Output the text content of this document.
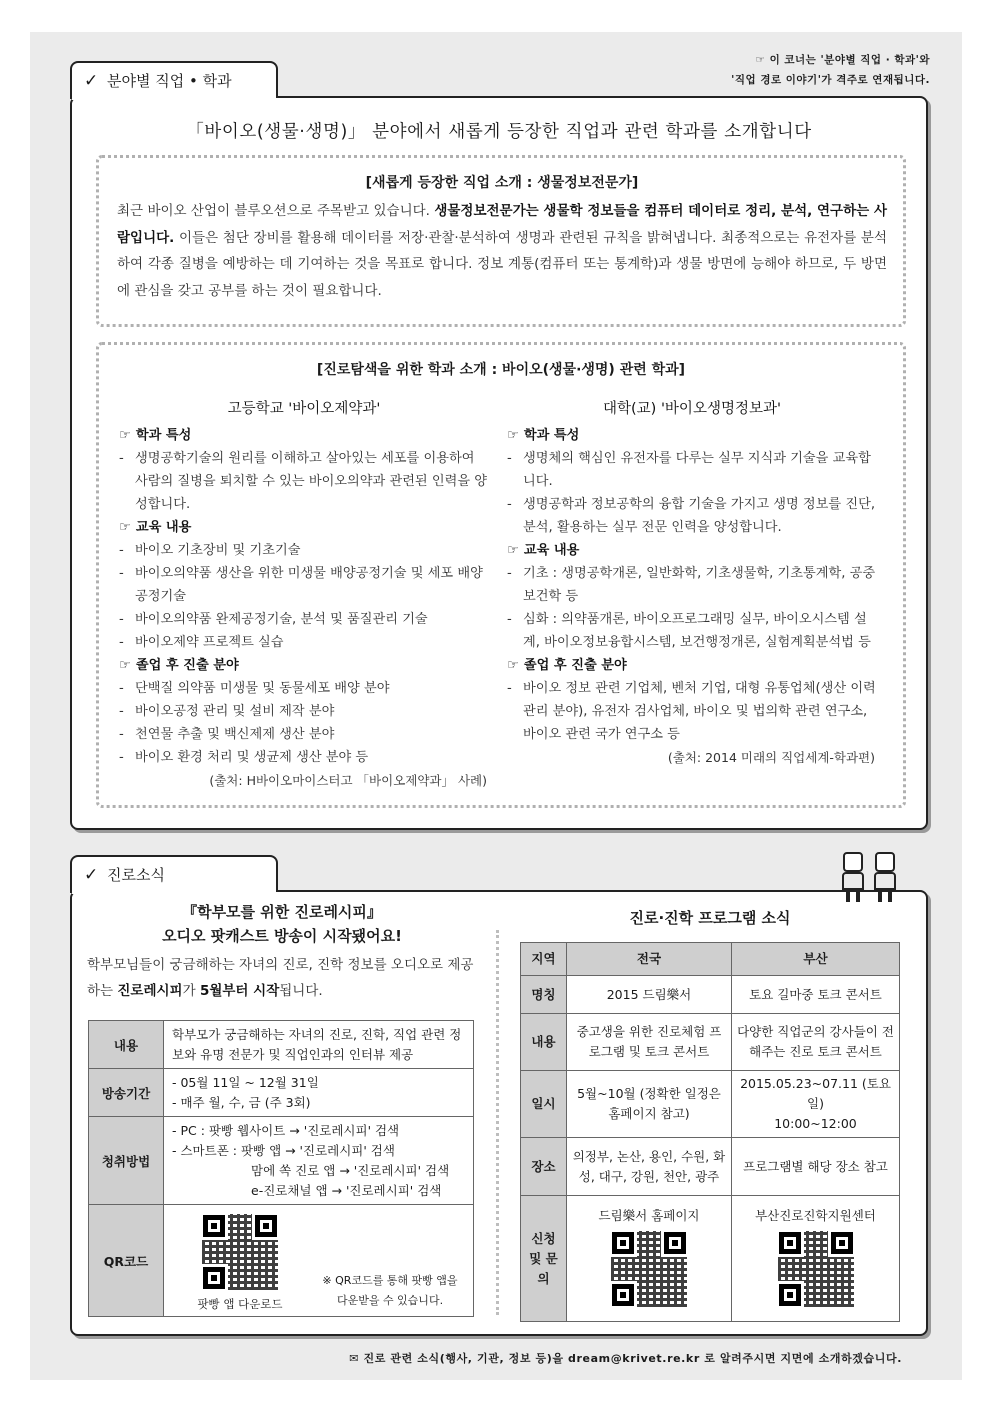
☞ 이 코너는 '분야별 직업 · 학과'와
'직업 경로 이야기'가 격주로 연재됩니다.
✓ 분야별 직업 • 학과
「바이오(생물·생명)」 분야에서 새롭게 등장한 직업과 관련 학과를 소개합니다
[새롭게 등장한 직업 소개 : 생물정보전문가]
최근 바이오 산업이 블루오션으로 주목받고 있습니다. 생물정보전문가는 생물학 정보들을 컴퓨터 데이터로 정리, 분석, 연구하는 사람입니다. 이들은 첨단 장비를 활용해 데이터를 저장·관찰·분석하여 생명과 관련된 규칙을 밝혀냅니다. 최종적으로는 유전자를 분석하여 각종 질병을 예방하는 데 기여하는 것을 목표로 합니다. 정보 계통(컴퓨터 또는 통계학)과 생물 방면에 능해야 하므로, 두 방면에 관심을 갖고 공부를 하는 것이 필요합니다.
[진로탐색을 위한 학과 소개 : 바이오(생물·생명) 관련 학과]
고등학교 '바이오제약과'
☞ 학과 특성
- 생명공학기술의 원리를 이해하고 살아있는 세포를 이용하여 사람의 질병을 퇴치할 수 있는 바이오의약과 관련된 인력을 양성합니다.
☞ 교육 내용
- 바이오 기초장비 및 기초기술
- 바이오의약품 생산을 위한 미생물 배양공정기술 및 세포 배양공정기술
- 바이오의약품 완제공정기술, 분석 및 품질관리 기술
- 바이오제약 프로젝트 실습
☞ 졸업 후 진출 분야
- 단백질 의약품 미생물 및 동물세포 배양 분야
- 바이오공정 관리 및 설비 제작 분야
- 천연물 추출 및 백신제제 생산 분야
- 바이오 환경 처리 및 생균제 생산 분야 등
(출처: H바이오마이스터고 「바이오제약과」 사례)
대학(교) '바이오생명정보과'
☞ 학과 특성
- 생명체의 핵심인 유전자를 다루는 실무 지식과 기술을 교육합니다.
- 생명공학과 정보공학의 융합 기술을 가지고 생명 정보를 진단, 분석, 활용하는 실무 전문 인력을 양성합니다.
☞ 교육 내용
- 기초 : 생명공학개론, 일반화학, 기초생물학, 기초통계학, 공중보건학 등
- 심화 : 의약품개론, 바이오프로그래밍 실무, 바이오시스템 설계, 바이오정보융합시스템, 보건행정개론, 실험계획분석법 등
☞ 졸업 후 진출 분야
- 바이오 정보 관련 기업체, 벤처 기업, 대형 유통업체(생산 이력 관리 분야), 유전자 검사업체, 바이오 및 법의학 관련 연구소, 바이오 관련 국가 연구소 등
(출처: 2014 미래의 직업세계-학과편)
✓ 진로소식
『학부모를 위한 진로레시피』
오디오 팟캐스트 방송이 시작됐어요!
학부모님들이 궁금해하는 자녀의 진로, 진학 정보를 오디오로 제공하는 진로레시피가 5월부터 시작됩니다.
내용	학부모가 궁금해하는 자녀의 진로, 진학, 직업 관련 정보와 유명 전문가 및 직업인과의 인터뷰 제공
방송기간	- 05월 11일 ~ 12월 31일
- 매주 월, 수, 금 (주 3회)

청취방법	- PC : 팟빵 웹사이트 → '진로레시피' 검색
- 스마트폰 : 팟빵 앱 → '진로레시피' 검색
맘에 쏙 진로 앱 → '진로레시피' 검색
e-진로채널 앱 → '진로레시피' 검색

QR코드	팟빵 앱 다운로드
※ QR코드를 통해 팟빵 앱을
다운받을 수 있습니다.
진로·진학 프로그램 소식
지역	전국	부산
명칭	2015 드림樂서	토요 길마중 토크 콘서트
내용	중고생을 위한 진로체험 프로그램 및 토크 콘서트	다양한 직업군의 강사들이 전해주는 진로 토크 콘서트
일시	5월~10월 (정확한 일정은 홈페이지 참고)	2015.05.23~07.11 (토요일)
10:00~12:00

장소	의정부, 논산, 용인, 수원, 화성, 대구, 강원, 천안, 광주	프로그램별 해당 장소 참고
신청 및 문의	드림樂서 홈페이지	부산진로진학지원센터
✉ 진로 관련 소식(행사, 기관, 정보 등)을 dream@krivet.re.kr 로 알려주시면 지면에 소개하겠습니다.
